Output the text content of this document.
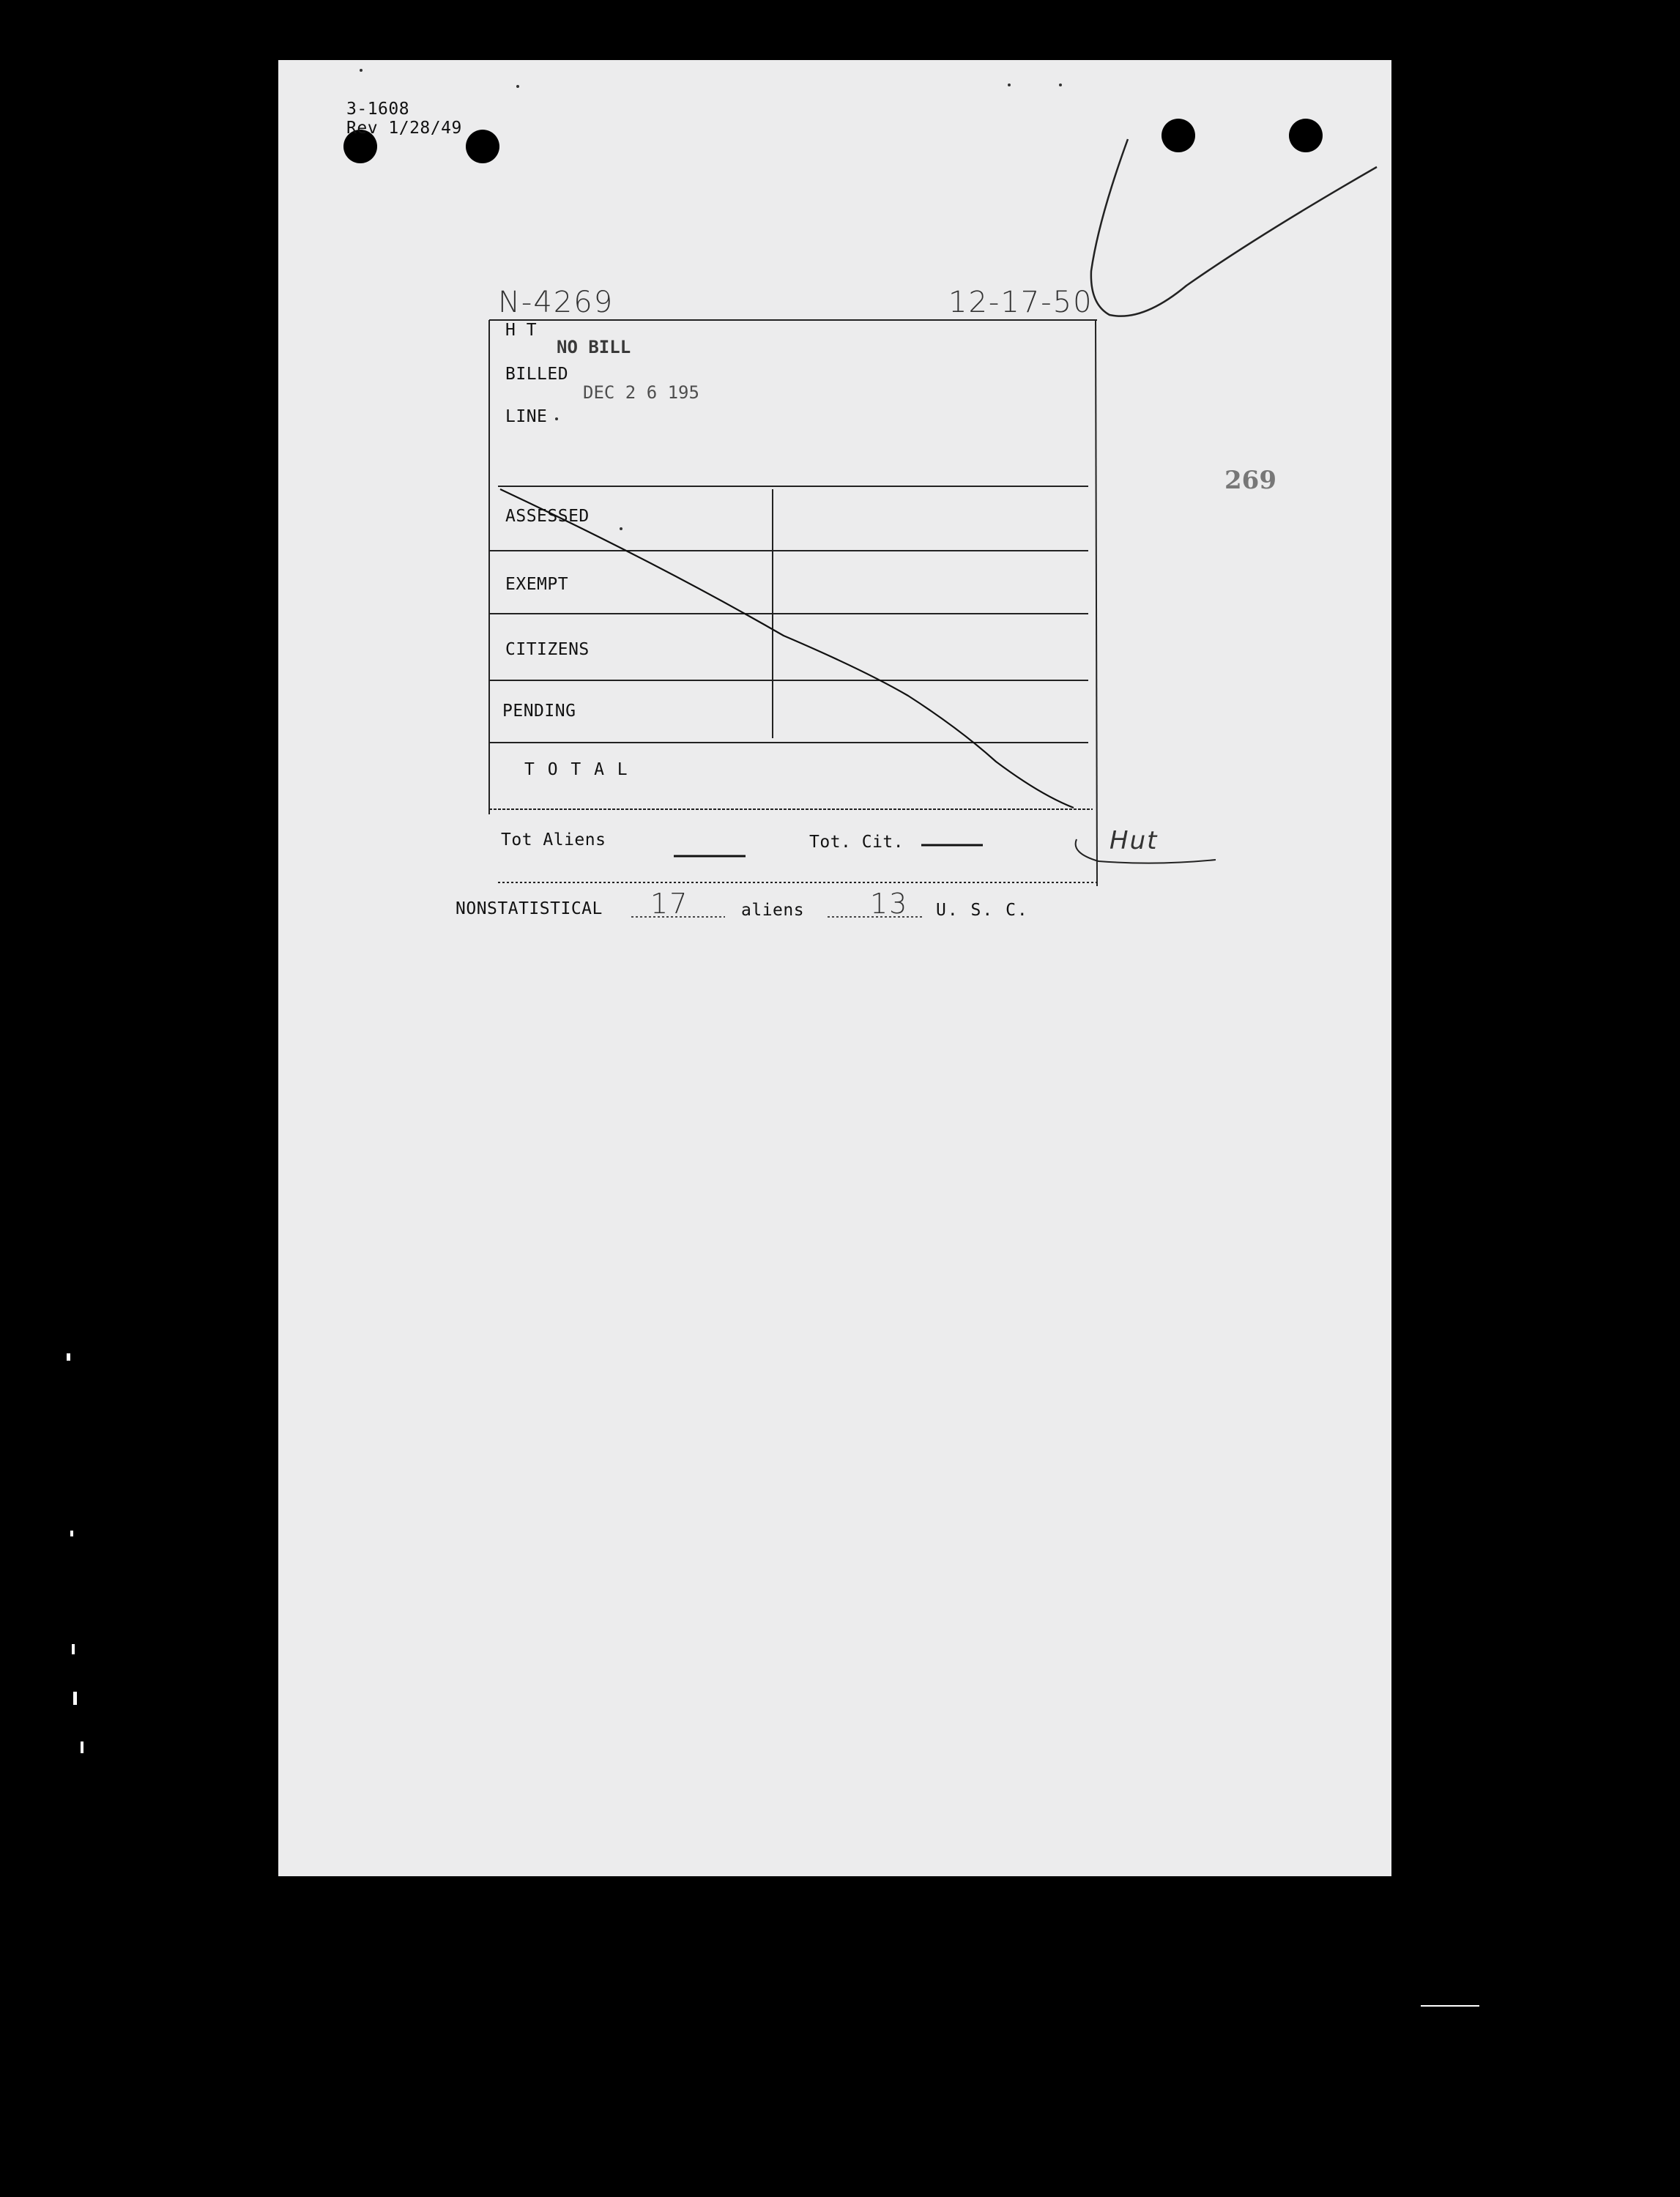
3-1608
Rev 1/28/49
N-4269	12-17-50
269
H T
NO BILL
BILLED
DEC 2 6 195
LINE
ASSESSED
EXEMPT
CITIZENS
PENDING
T O T A L
Tot Aliens	Tot. Cit.	Hut
NONSTATISTICAL 17	aliens 13 U. S. C.
